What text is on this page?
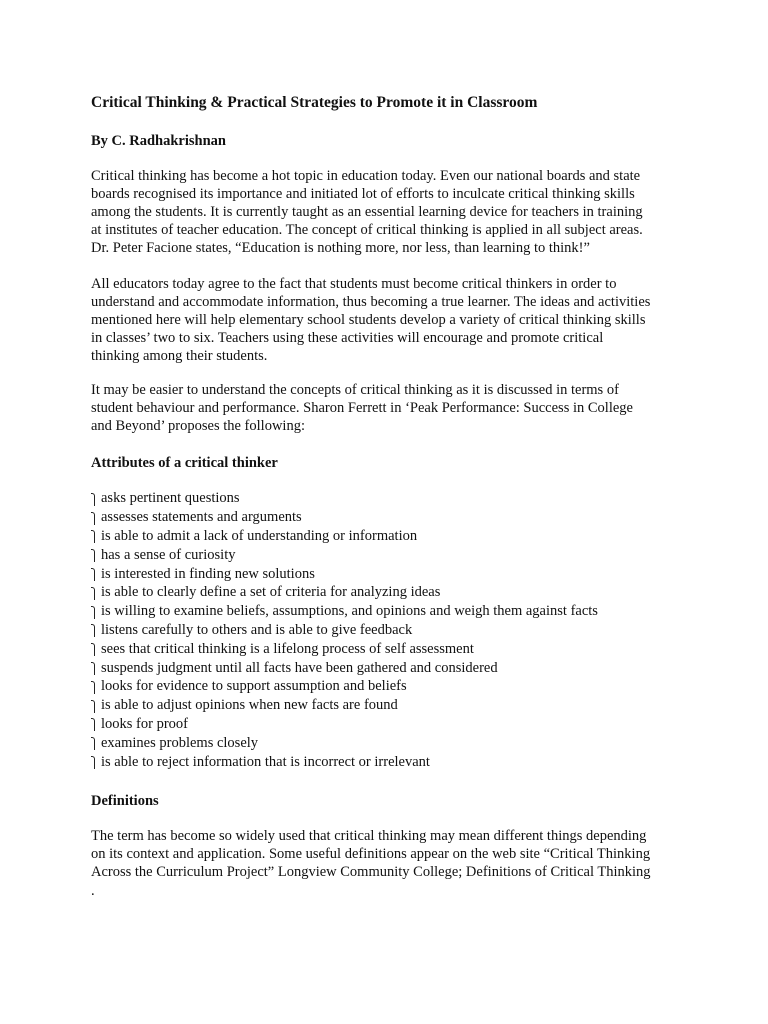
Critical Thinking & Practical Strategies to Promote it in Classroom

By C. Radhakrishnan

Critical thinking has become a hot topic in education today. Even our national boards and state
boards recognised its importance and initiated lot of efforts to inculcate critical thinking skills
among the students. It is currently taught as an essential learning device for teachers in training
at institutes of teacher education. The concept of critical thinking is applied in all subject areas.
Dr. Peter Facione states, “Education is nothing more, nor less, than learning to think!”

All educators today agree to the fact that students must become critical thinkers in order to
understand and accommodate information, thus becoming a true learner. The ideas and activities
mentioned here will help elementary school students develop a variety of critical thinking skills
in classes’ two to six. Teachers using these activities will encourage and promote critical
thinking among their students.

It may be easier to understand the concepts of critical thinking as it is discussed in terms of
student behaviour and performance. Sharon Ferrett in ‘Peak Performance: Success in College
and Beyond’ proposes the following:

Attributes of a critical thinker
asks pertinent questions
assesses statements and arguments
is able to admit a lack of understanding or information
has a sense of curiosity
is interested in finding new solutions
is able to clearly define a set of criteria for analyzing ideas
is willing to examine beliefs, assumptions, and opinions and weigh them against facts
listens carefully to others and is able to give feedback
sees that critical thinking is a lifelong process of self assessment
suspends judgment until all facts have been gathered and considered
looks for evidence to support assumption and beliefs
is able to adjust opinions when new facts are found
looks for proof
examines problems closely
is able to reject information that is incorrect or irrelevant
Definitions

The term has become so widely used that critical thinking may mean different things depending
on its context and application. Some useful definitions appear on the web site “Critical Thinking
Across the Curriculum Project” Longview Community College; Definitions of Critical Thinking

.
